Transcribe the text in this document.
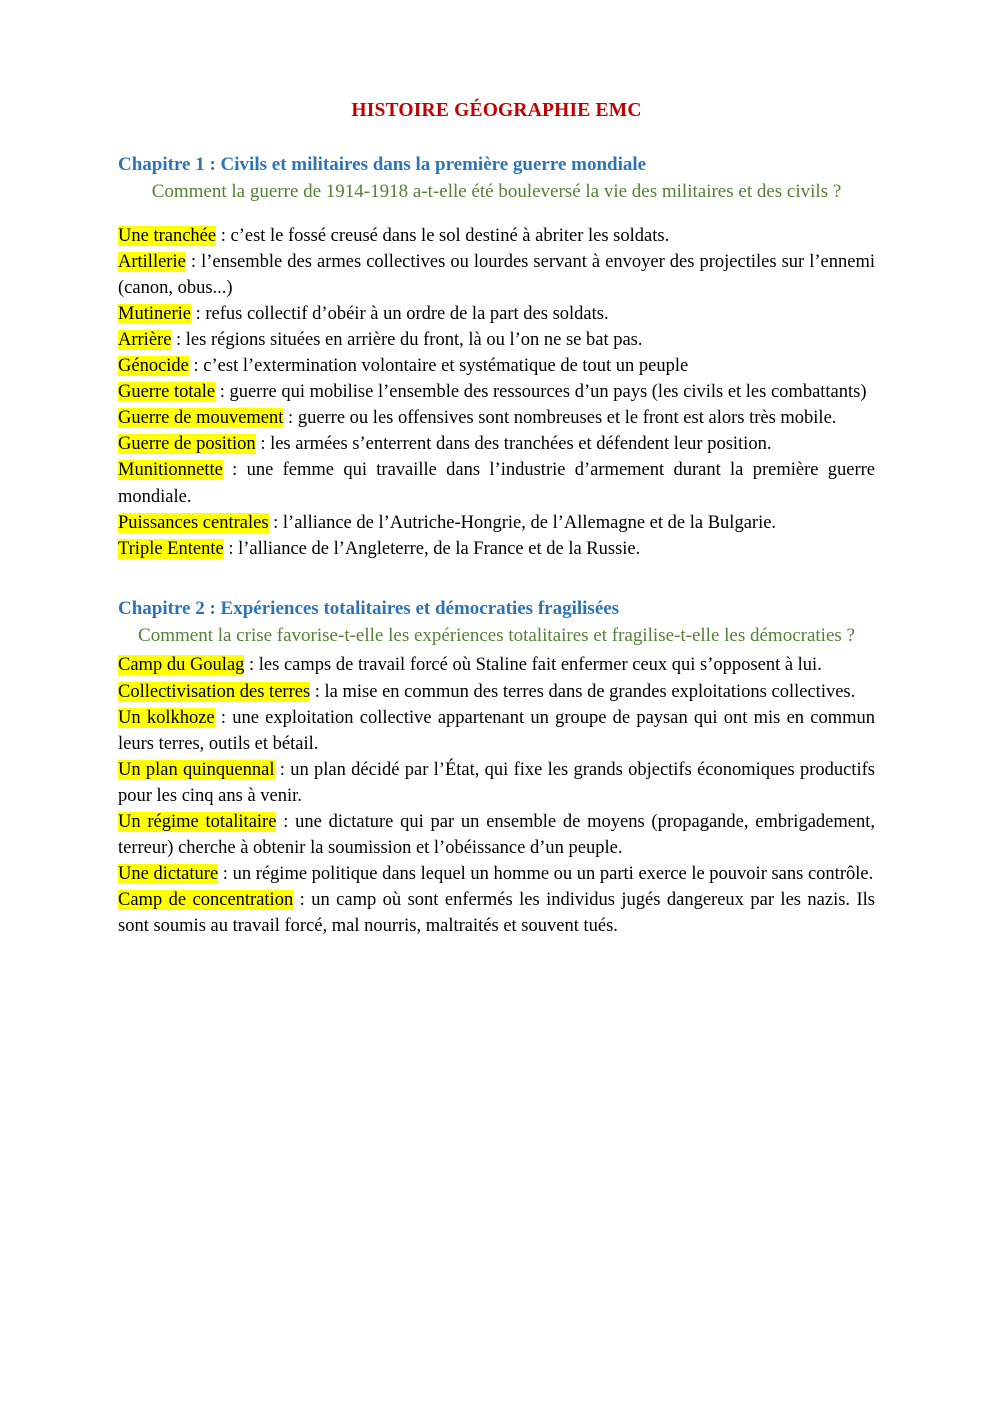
HISTOIRE GÉOGRAPHIE EMC
Chapitre 1 : Civils et militaires dans la première guerre mondiale
Comment la guerre de 1914-1918 a-t-elle été bouleversé la vie des militaires et des civils ?

Une tranchée : c’est le fossé creusé dans le sol destiné à abriter les soldats.

Artillerie : l’ensemble des armes collectives ou lourdes servant à envoyer des projectiles sur l’ennemi (canon, obus...)

Mutinerie : refus collectif d’obéir à un ordre de la part des soldats.

Arrière : les régions situées en arrière du front, là ou l’on ne se bat pas.

Génocide : c’est l’extermination volontaire et systématique de tout un peuple

Guerre totale : guerre qui mobilise l’ensemble des ressources d’un pays (les civils et les combattants)

Guerre de mouvement : guerre ou les offensives sont nombreuses et le front est alors très mobile.

Guerre de position : les armées s’enterrent dans des tranchées et défendent leur position.

Munitionnette : une femme qui travaille dans l’industrie d’armement durant la première guerre mondiale.

Puissances centrales : l’alliance de l’Autriche-Hongrie, de l’Allemagne et de la Bulgarie.

Triple Entente : l’alliance de l’Angleterre, de la France et de la Russie.

Chapitre 2 : Expériences totalitaires et démocraties fragilisées
Comment la crise favorise-t-elle les expériences totalitaires et fragilise-t-elle les démocraties ?

Camp du Goulag : les camps de travail forcé où Staline fait enfermer ceux qui s’opposent à lui.

Collectivisation des terres : la mise en commun des terres dans de grandes exploitations collectives.

Un kolkhoze : une exploitation collective appartenant un groupe de paysan qui ont mis en commun leurs terres, outils et bétail.

Un plan quinquennal : un plan décidé par l’État, qui fixe les grands objectifs économiques productifs pour les cinq ans à venir.

Un régime totalitaire : une dictature qui par un ensemble de moyens (propagande, embrigadement, terreur) cherche à obtenir la soumission et l’obéissance d’un peuple.

Une dictature : un régime politique dans lequel un homme ou un parti exerce le pouvoir sans contrôle.

Camp de concentration : un camp où sont enfermés les individus jugés dangereux par les nazis. Ils sont soumis au travail forcé, mal nourris, maltraités et souvent tués.
